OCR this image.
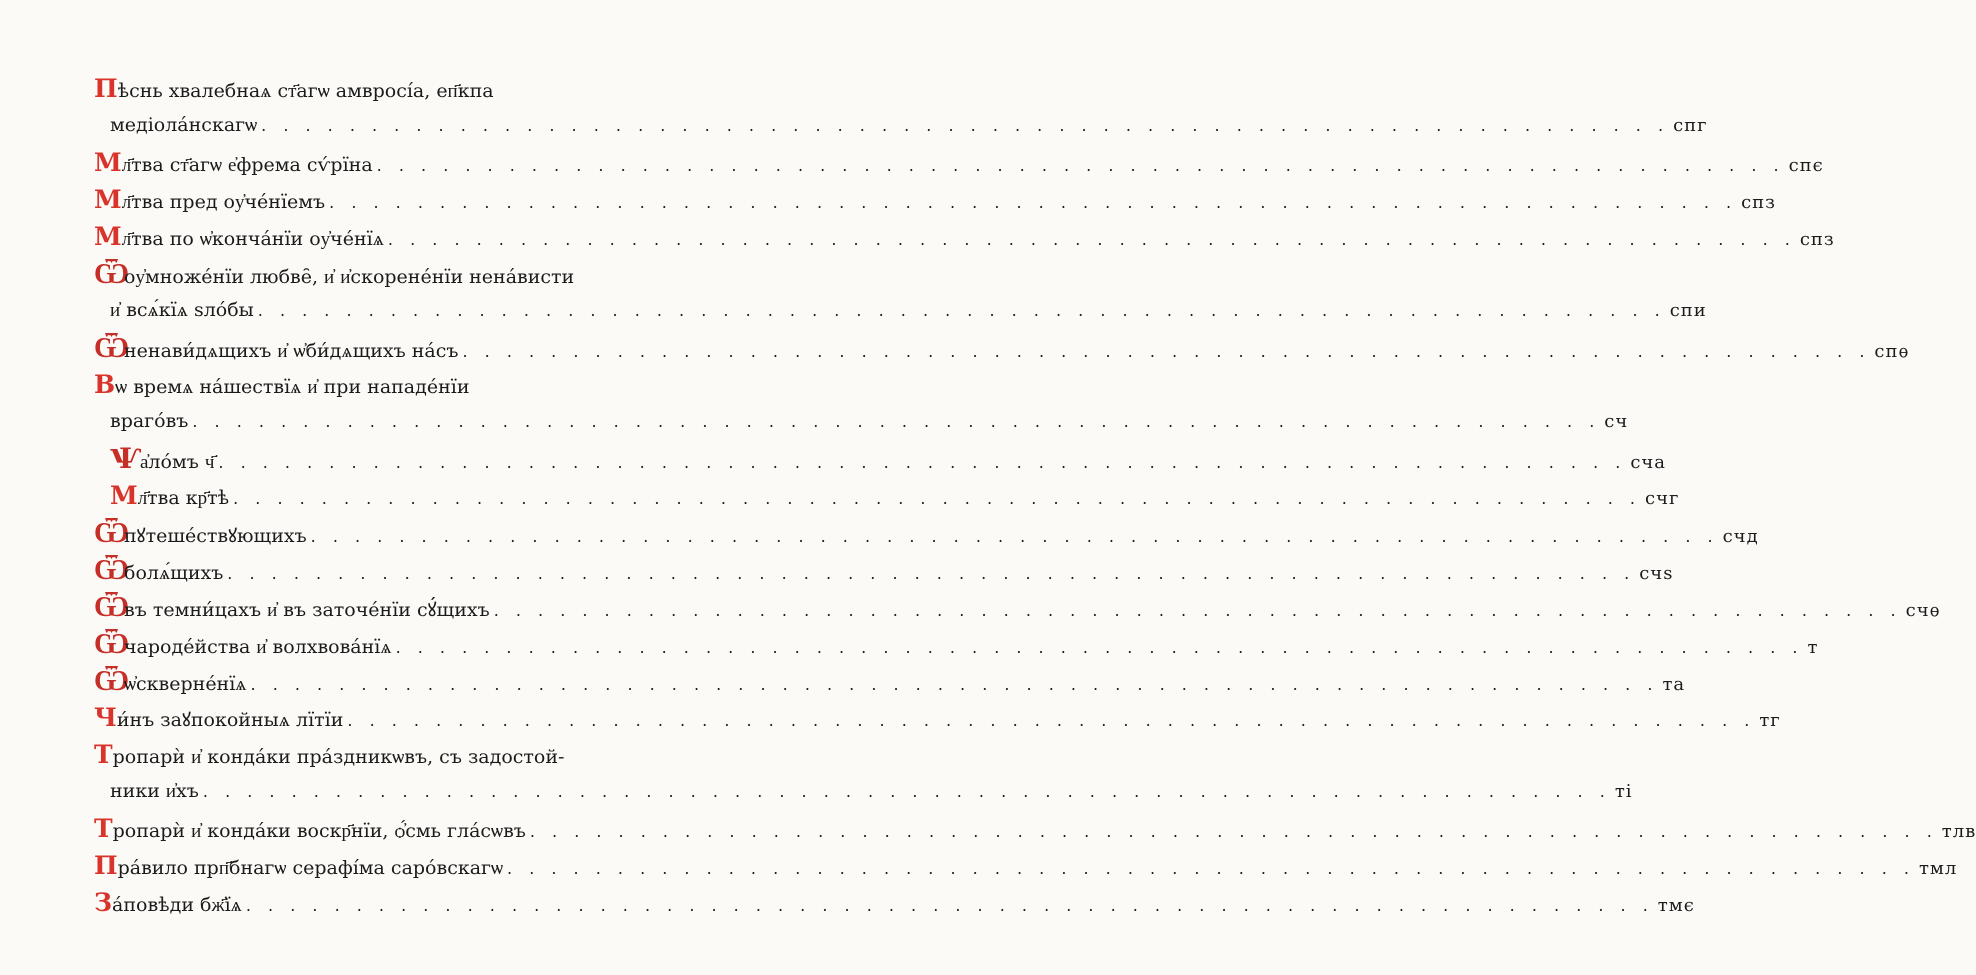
П ѣснь хвалебнаѧ ст҃агѡ амвросі́а, еп҃кпа
медіола́нскагѡ . . .	спг
М л҃тва ст҃агѡ е҆фрема сѵ́рїна . . .	спє
М л҃тва пред оу҆че́нїемъ . . .	спз
М л҃тва по ѡ҆конча́нїи оу҆че́нїѧ . . .	спз
Ѿ
оу҆множе́нїи любве̑, и҆ и҆скорене́нїи нена́висти
и҆ всѧ́кїѧ ѕло́бы . . .	спи
Ѿ
ненави́дѧщихъ и҆ ѡ҆би́дѧщихъ на́съ . . .	спѳ
В ѡ врeмѧ на́шествїѧ и҆ при нападе́нїи
враго́въ . . .	сч
Ѱ а҆ло́мъ ч҃ . . .	сча
М л҃тва кр҃тѣ . . .	счг
Ѿ
пꙋтеше́ствꙋющихъ . . .	счд
Ѿ
болѧ́щихъ . . .	счѕ
Ѿ
въ темни́цахъ и҆ въ заточе́нїи сꙋ́щихъ . . .	счѳ
Ѿ
чароде́йства и҆ волхвова́нїѧ . . .	т
Ѿ
ѡ҆скверне́нїѧ . . .	та
Ч и́нъ заꙋпокойныѧ лїтїи . . .	тг
Т ропарѝ и҆ конда́ки пра́здникѡвъ, съ задостой-
ники и҆хъ . . .	ті
Т ропарѝ и҆ конда́ки воскр҃нїи, ѻ҆́смь гла́сѡвъ . . .	тлв
П ра́вило прп҃бнагѡ серафі́ма саро́вскагѡ . . .	тмл
З а́повѣди бж҃їѧ . . .	тмє
